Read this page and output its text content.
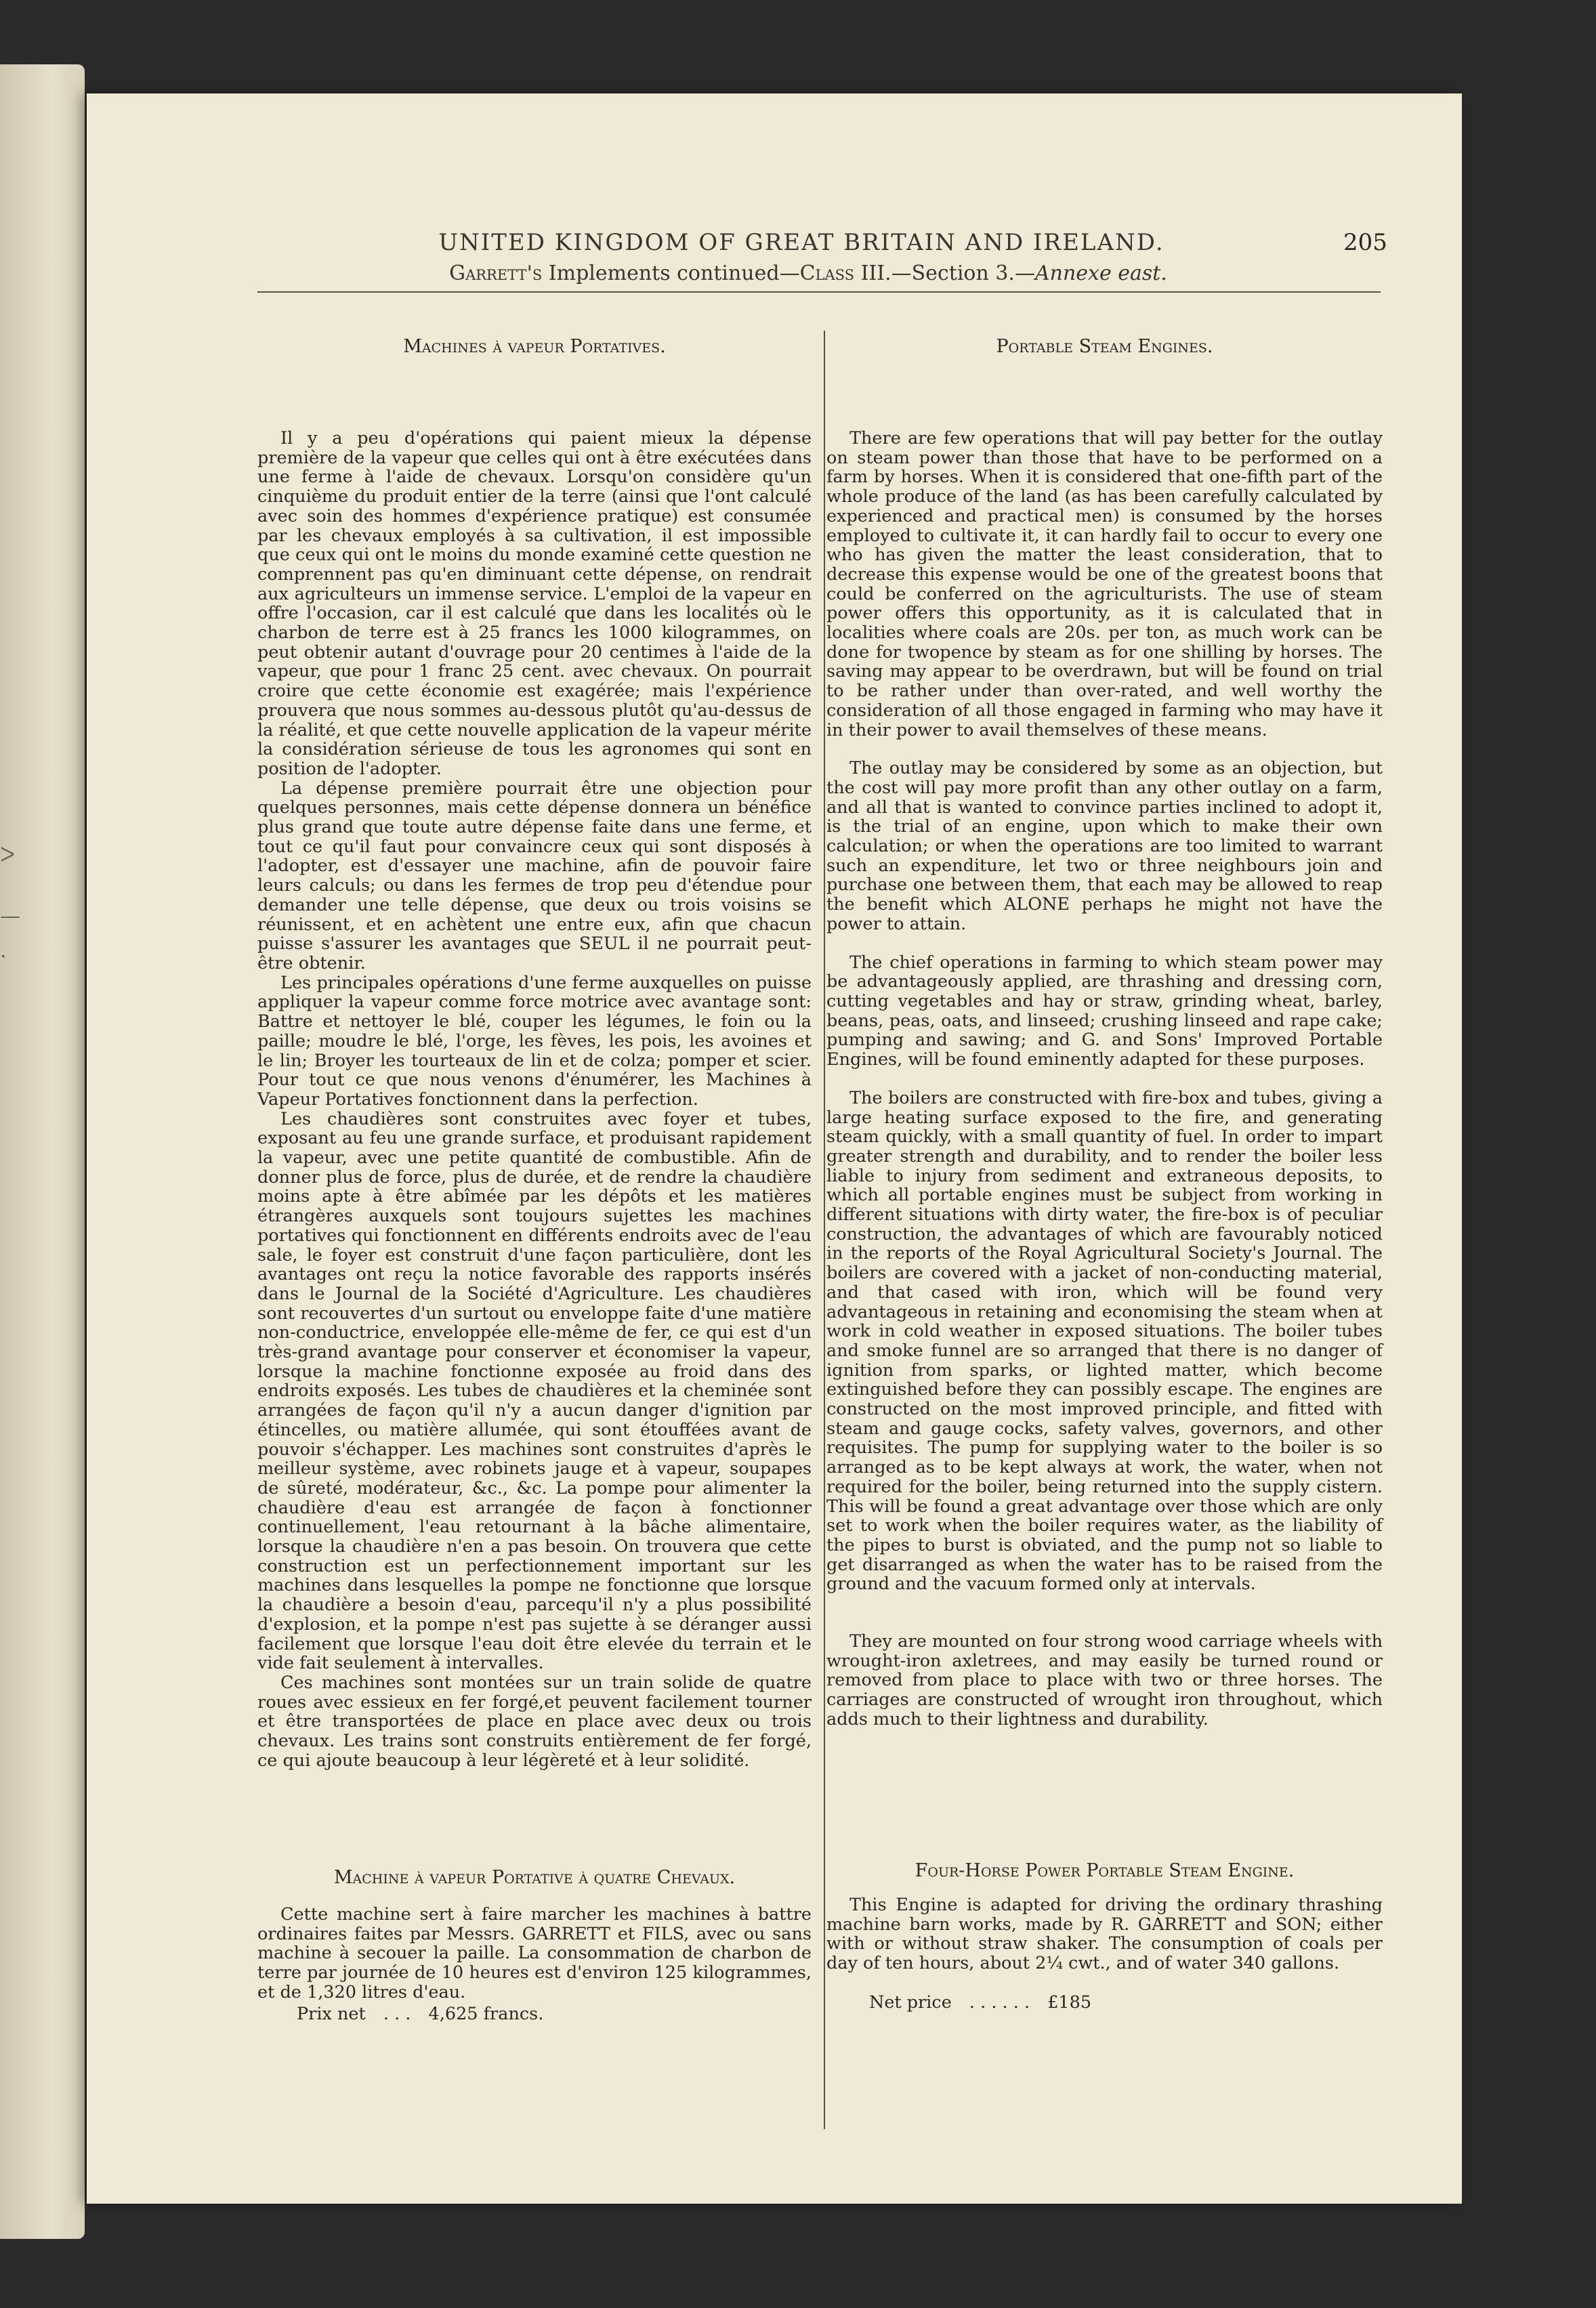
ᐳ
—
·
UNITED KINGDOM OF GREAT BRITAIN AND IRELAND.	205
Garrett's Implements continued—Class III.—Section 3.—Annexe east.
Machines à vapeur Portatives.

Il y a peu d'opérations qui paient mieux la dépense première de la vapeur que celles qui ont à être exécutées dans une ferme à l'aide de chevaux. Lorsqu'on considère qu'un cinquième du produit entier de la terre (ainsi que l'ont calculé avec soin des hommes d'expérience pratique) est consumée par les chevaux employés à sa cultivation, il est impossible que ceux qui ont le moins du monde examiné cette question ne comprennent pas qu'en diminuant cette dépense, on rendrait aux agriculteurs un immense service. L'emploi de la vapeur en offre l'occasion, car il est calculé que dans les localités où le charbon de terre est à 25 francs les 1000 kilogrammes, on peut obtenir autant d'ouvrage pour 20 centimes à l'aide de la vapeur, que pour 1 franc 25 cent. avec chevaux. On pourrait croire que cette économie est exagérée; mais l'expérience prouvera que nous sommes au-dessous plutôt qu'au-dessus de la réalité, et que cette nouvelle application de la vapeur mérite la considération sérieuse de tous les agronomes qui sont en position de l'adopter.

La dépense première pourrait être une objection pour quelques personnes, mais cette dépense donnera un bénéfice plus grand que toute autre dépense faite dans une ferme, et tout ce qu'il faut pour convaincre ceux qui sont disposés à l'adopter, est d'essayer une machine, afin de pouvoir faire leurs calculs; ou dans les fermes de trop peu d'étendue pour demander une telle dépense, que deux ou trois voisins se réunissent, et en achètent une entre eux, afin que chacun puisse s'assurer les avantages que SEUL il ne pourrait peut-être obtenir.

Les principales opérations d'une ferme auxquelles on puisse appliquer la vapeur comme force motrice avec avantage sont: Battre et nettoyer le blé, couper les légumes, le foin ou la paille; moudre le blé, l'orge, les fèves, les pois, les avoines et le lin; Broyer les tourteaux de lin et de colza; pomper et scier. Pour tout ce que nous venons d'énumérer, les Machines à Vapeur Portatives fonctionnent dans la perfection.

Les chaudières sont construites avec foyer et tubes, exposant au feu une grande surface, et produisant rapidement la vapeur, avec une petite quantité de combustible. Afin de donner plus de force, plus de durée, et de rendre la chaudière moins apte à être abîmée par les dépôts et les matières étrangères auxquels sont toujours sujettes les machines portatives qui fonctionnent en différents endroits avec de l'eau sale, le foyer est construit d'une façon particulière, dont les avantages ont reçu la notice favorable des rapports insérés dans le Journal de la Société d'Agriculture. Les chaudières sont recouvertes d'un surtout ou enveloppe faite d'une matière non-conductrice, enveloppée elle-même de fer, ce qui est d'un très-grand avantage pour conserver et économiser la vapeur, lorsque la machine fonctionne exposée au froid dans des endroits exposés. Les tubes de chaudières et la cheminée sont arrangées de façon qu'il n'y a aucun danger d'ignition par étincelles, ou matière allumée, qui sont étouffées avant de pouvoir s'échapper. Les machines sont construites d'après le meilleur système, avec robinets jauge et à vapeur, soupapes de sûreté, modérateur, &c., &c. La pompe pour alimenter la chaudière d'eau est arrangée de façon à fonctionner continuellement, l'eau retournant à la bâche alimentaire, lorsque la chaudière n'en a pas besoin. On trouvera que cette construction est un perfectionnement important sur les machines dans lesquelles la pompe ne fonctionne que lorsque la chaudière a besoin d'eau, parcequ'il n'y a plus possibilité d'explosion, et la pompe n'est pas sujette à se déranger aussi facilement que lorsque l'eau doit être elevée du terrain et le vide fait seulement à intervalles.

Ces machines sont montées sur un train solide de quatre roues avec essieux en fer forgé,et peuvent facilement tourner et être transportées de place en place avec deux ou trois chevaux. Les trains sont construits entièrement de fer forgé, ce qui ajoute beaucoup à leur légèreté et à leur solidité.

Machine à vapeur Portative à quatre Chevaux.

Cette machine sert à faire marcher les machines à battre ordinaires faites par Messrs. GARRETT et FILS, avec ou sans machine à secouer la paille. La consommation de charbon de terre par journée de 10 heures est d'environ 125 kilogrammes, et de 1,320 litres d'eau.

Prix net . . . 4,625 francs.
Portable Steam Engines.

There are few operations that will pay better for the outlay on steam power than those that have to be performed on a farm by horses. When it is considered that one-fifth part of the whole produce of the land (as has been carefully calculated by experienced and practical men) is consumed by the horses employed to cultivate it, it can hardly fail to occur to every one who has given the matter the least consideration, that to decrease this expense would be one of the greatest boons that could be conferred on the agriculturists. The use of steam power offers this opportunity, as it is calculated that in localities where coals are 20s. per ton, as much work can be done for twopence by steam as for one shilling by horses. The saving may appear to be overdrawn, but will be found on trial to be rather under than over-rated, and well worthy the consideration of all those engaged in farming who may have it in their power to avail themselves of these means.

The outlay may be considered by some as an objection, but the cost will pay more profit than any other outlay on a farm, and all that is wanted to convince parties inclined to adopt it, is the trial of an engine, upon which to make their own calculation; or when the operations are too limited to warrant such an expenditure, let two or three neighbours join and purchase one between them, that each may be allowed to reap the benefit which ALONE perhaps he might not have the power to attain.

The chief operations in farming to which steam power may be advantageously applied, are thrashing and dressing corn, cutting vegetables and hay or straw, grinding wheat, barley, beans, peas, oats, and linseed; crushing linseed and rape cake; pumping and sawing; and G. and Sons' Improved Portable Engines, will be found eminently adapted for these purposes.

The boilers are constructed with fire-box and tubes, giving a large heating surface exposed to the fire, and generating steam quickly, with a small quantity of fuel. In order to impart greater strength and durability, and to render the boiler less liable to injury from sediment and extraneous deposits, to which all portable engines must be subject from working in different situations with dirty water, the fire-box is of peculiar construction, the advantages of which are favourably noticed in the reports of the Royal Agricultural Society's Journal. The boilers are covered with a jacket of non-conducting material, and that cased with iron, which will be found very advantageous in retaining and economising the steam when at work in cold weather in exposed situations. The boiler tubes and smoke funnel are so arranged that there is no danger of ignition from sparks, or lighted matter, which become extinguished before they can possibly escape. The engines are constructed on the most improved principle, and fitted with steam and gauge cocks, safety valves, governors, and other requisites. The pump for supplying water to the boiler is so arranged as to be kept always at work, the water, when not required for the boiler, being returned into the supply cistern. This will be found a great advantage over those which are only set to work when the boiler requires water, as the liability of the pipes to burst is obviated, and the pump not so liable to get disarranged as when the water has to be raised from the ground and the vacuum formed only at intervals.

They are mounted on four strong wood carriage wheels with wrought-iron axletrees, and may easily be turned round or removed from place to place with two or three horses. The carriages are constructed of wrought iron throughout, which adds much to their lightness and durability.

Four-Horse Power Portable Steam Engine.

This Engine is adapted for driving the ordinary thrashing machine barn works, made by R. GARRETT and SON; either with or without straw shaker. The consumption of coals per day of ten hours, about 2¼ cwt., and of water 340 gallons.

Net price . . . . . . £185
